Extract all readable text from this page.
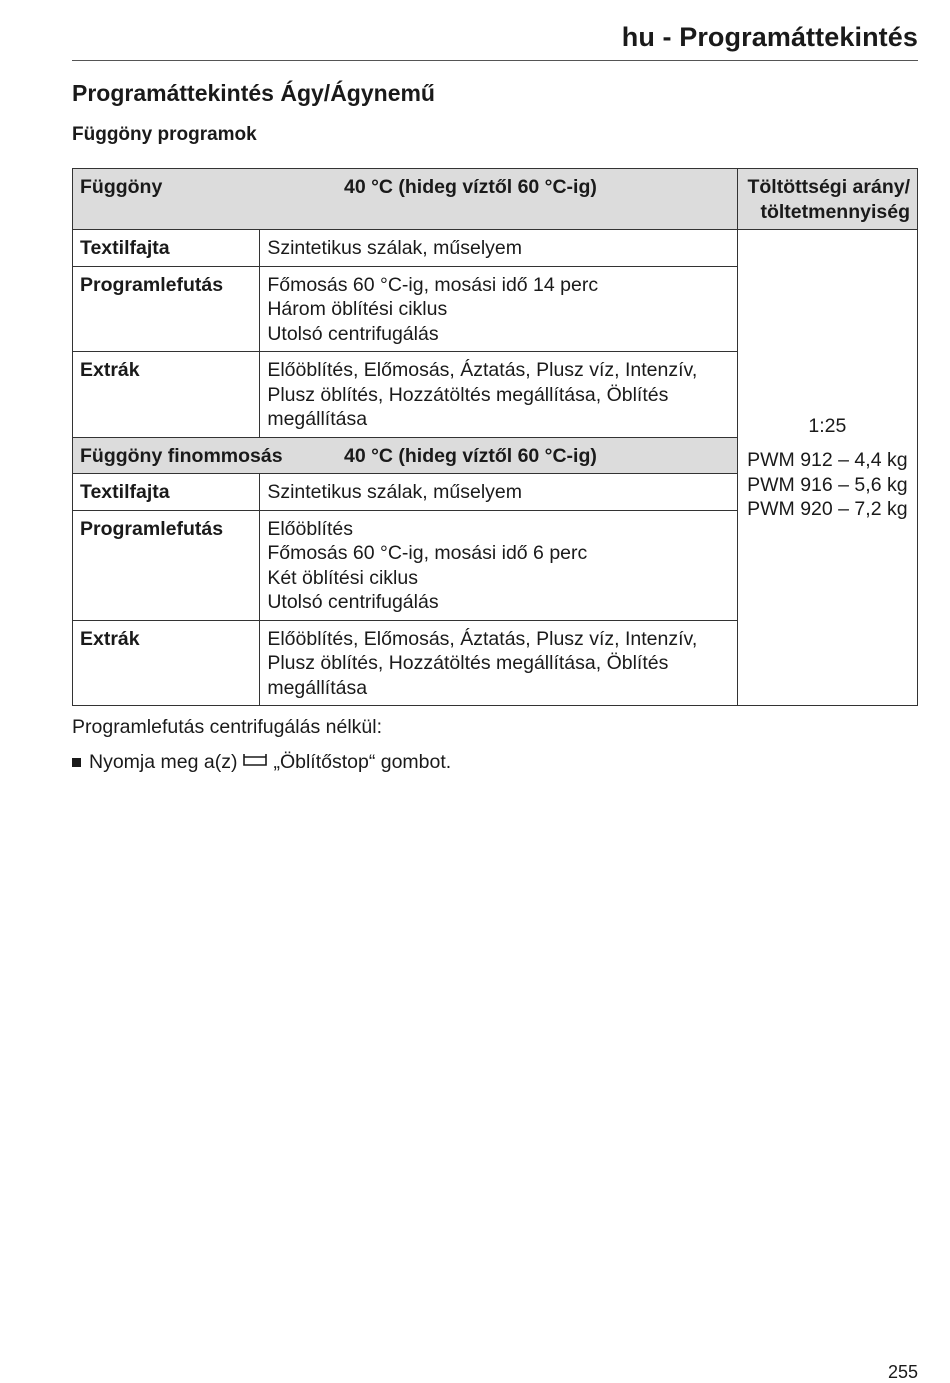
hu - Programáttekintés
Programáttekintés Ágy/Ágynemű
Függöny programok
Függöny 40 °C (hideg víztől 60 °C-ig)		Töltöttségi arány/
töltetmennyiség

Textilfajta	Szintetikus szálak, műselyem	1:25
PWM 912 – 4,4 kg
PWM 916 – 5,6 kg
PWM 920 – 7,2 kg

Programlefutás	Főmosás 60 °C-ig, mosási idő 14 perc
Három öblítési ciklus
Utolsó centrifugálás	

Extrák	Előöblítés, Előmosás, Áztatás, Plusz víz, Intenzív,
Plusz öblítés, Hozzátöltés megállítása, Öblítés
megállítása	

Függöny finommosás 40 °C (hideg víztől 60 °C-ig)		

Textilfajta	Szintetikus szálak, műselyem	

Programlefutás	Előöblítés
Főmosás 60 °C-ig, mosási idő 6 perc
Két öblítési ciklus
Utolsó centrifugálás	

Extrák	Előöblítés, Előmosás, Áztatás, Plusz víz, Intenzív,
Plusz öblítés, Hozzátöltés megállítása, Öblítés
megállítása	
Programlefutás centrifugálás nélkül:
Nyomja meg a(z) „Öblítőstop“ gombot.
255
